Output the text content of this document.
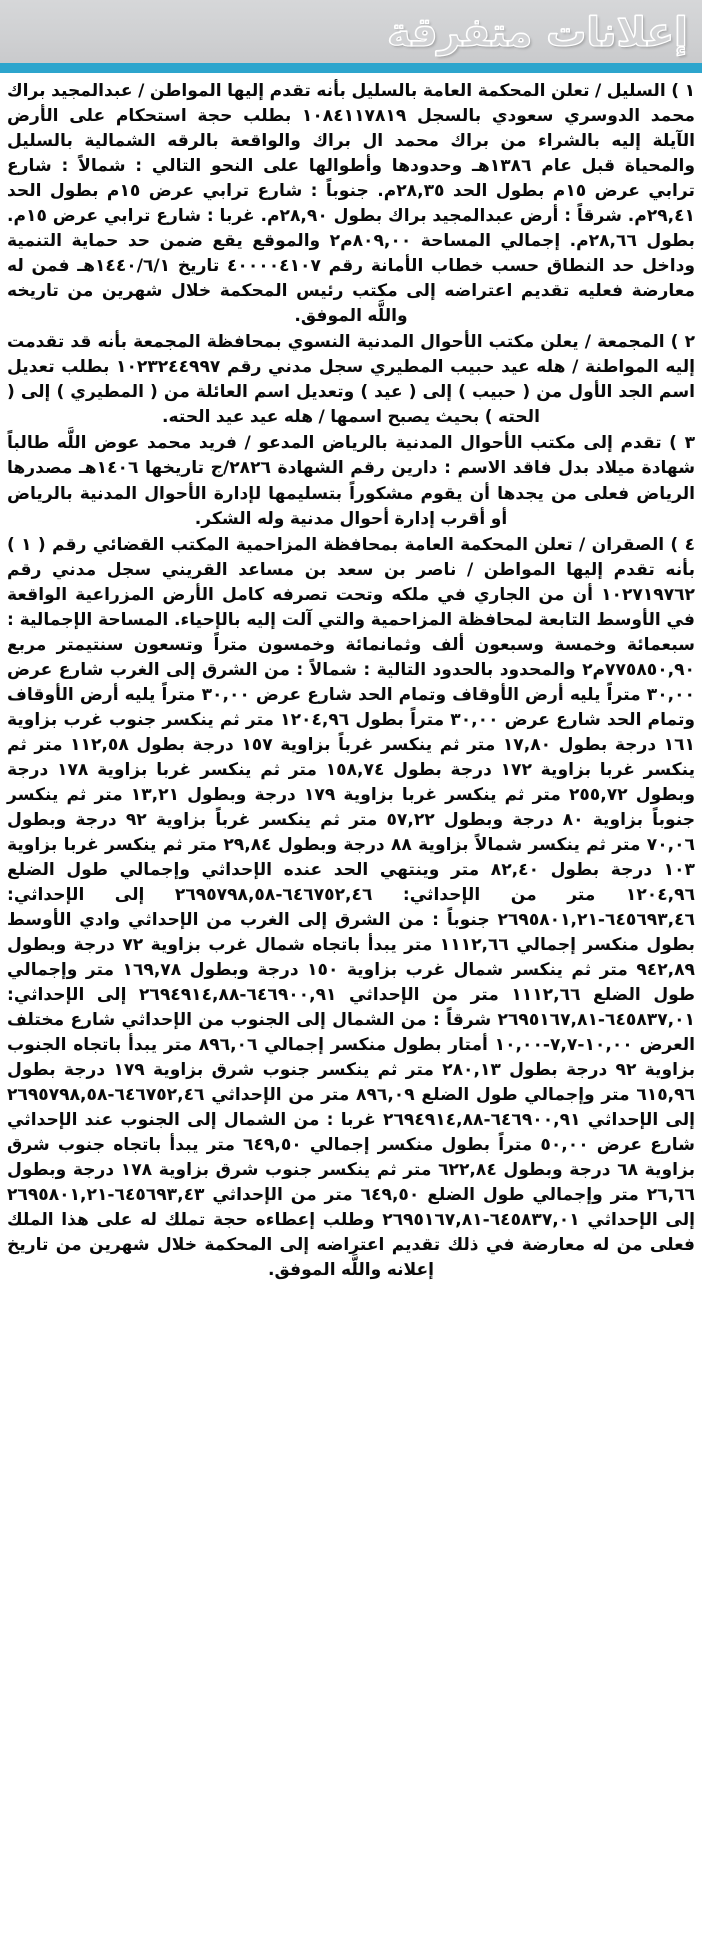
إعلانات متفرقة

١ ) السليل / تعلن المحكمة العامة بالسليل بأنه تقدم إليها المواطن / عبدالمجيد براك محمد الدوسري سعودي بالسجل ١٠٨٤١١٧٨١٩ بطلب حجة استحكام على الأرض الآيلة إليه بالشراء من براك محمد ال براك والواقعة بالرقه الشمالية بالسليل والمحياة قبل عام ١٣٨٦هـ وحدودها وأطوالها على النحو التالي : شمالاً : شارع ترابي عرض ١٥م بطول الحد ٢٨,٣٥م. جنوباً : شارع ترابي عرض ١٥م بطول الحد ٢٩,٤١م. شرقاً : أرض عبدالمجيد براك بطول ٢٨,٩٠م. غربا : شارع ترابي عرض ١٥م. بطول ٢٨,٦٦م. إجمالي المساحة ٨٠٩,٠٠م٢ والموقع يقع ضمن حد حماية التنمية وداخل حد النطاق حسب خطاب الأمانة رقم ٤٠٠٠٠٤١٠٧ تاريخ ١٤٤٠/٦/١هـ فمن له معارضة فعليه تقديم اعتراضه إلى مكتب رئيس المحكمة خلال شهرين من تاريخه واللَّه الموفق.

٢ ) المجمعة / يعلن مكتب الأحوال المدنية النسوي بمحافظة المجمعة بأنه قد تقدمت إليه المواطنة / هله عيد حبيب المطيري سجل مدني رقم ١٠٢٣٢٤٤٩٩٧ بطلب تعديل اسم الجد الأول من ( حبيب ) إلى ( عيد ) وتعديل اسم العائلة من ( المطيري ) إلى ( الحته ) بحيث يصبح اسمها / هله عيد عيد الحته.

٣ ) تقدم إلى مكتب الأحوال المدنية بالرياض المدعو / فريد محمد عوض اللَّه طالباً شهادة ميلاد بدل فاقد الاسم : دارين رقم الشهادة ٢٨٢٦/ج تاريخها ١٤٠٦هـ مصدرها الرياض فعلى من يجدها أن يقوم مشكوراً بتسليمها لإدارة الأحوال المدنية بالرياض أو أقرب إدارة أحوال مدنية وله الشكر.

٤ ) الصقران / تعلن المحكمة العامة بمحافظة المزاحمية المكتب القضائي رقم ( ١ ) بأنه تقدم إليها المواطن / ناصر بن سعد بن مساعد القريني سجل مدني رقم ١٠٢٧١٩٧٦٢ أن من الجاري في ملكه وتحت تصرفه كامل الأرض المزراعية الواقعة في الأوسط التابعة لمحافظة المزاحمية والتي آلت إليه بالإحياء. المساحة الإجمالية : سبعمائة وخمسة وسبعون ألف وثمانمائة وخمسون متراً وتسعون سنتيمتر مربع ٧٧٥٨٥٠,٩٠م٢ والمحدود بالحدود التالية : شمالاً : من الشرق إلى الغرب شارع عرض ٣٠,٠٠ متراً يليه أرض الأوقاف وتمام الحد شارع عرض ٣٠,٠٠ متراً يليه أرض الأوقاف وتمام الحد شارع عرض ٣٠,٠٠ متراً بطول ١٢٠٤,٩٦ متر ثم ينكسر جنوب غرب بزاوية ١٦١ درجة بطول ١٧,٨٠ متر ثم ينكسر غرباً بزاوية ١٥٧ درجة بطول ١١٢,٥٨ متر ثم ينكسر غربا بزاوية ١٧٢ درجة بطول ١٥٨,٧٤ متر ثم ينكسر غربا بزاوية ١٧٨ درجة وبطول ٢٥٥,٧٢ متر ثم ينكسر غربا بزاوية ١٧٩ درجة وبطول ١٣,٢١ متر ثم ينكسر جنوباً بزاوية ٨٠ درجة وبطول ٥٧,٢٢ متر ثم ينكسر غرباً بزاوية ٩٢ درجة وبطول ٧٠,٠٦ متر ثم ينكسر شمالاً بزاوية ٨٨ درجة وبطول ٢٩,٨٤ متر ثم ينكسر غربا بزاوية ١٠٣ درجة بطول ٨٢,٤٠ متر وينتهي الحد عنده الإحداثي وإجمالي طول الضلع ١٢٠٤,٩٦ متر من الإحداثي: ٦٤٦٧٥٢,٤٦-٢٦٩٥٧٩٨,٥٨ إلى الإحداثي: ٦٤٥٦٩٣,٤٦-٢٦٩٥٨٠١,٢١ جنوباً : من الشرق إلى الغرب من الإحداثي وادي الأوسط بطول منكسر إجمالي ١١١٢,٦٦ متر يبدأ باتجاه شمال غرب بزاوية ٧٢ درجة وبطول ٩٤٢,٨٩ متر ثم ينكسر شمال غرب بزاوية ١٥٠ درجة وبطول ١٦٩,٧٨ متر وإجمالي طول الضلع ١١١٢,٦٦ متر من الإحداثي ٦٤٦٩٠٠,٩١-٢٦٩٤٩١٤,٨٨ إلى الإحداثي: ٦٤٥٨٣٧,٠١-٢٦٩٥١٦٧,٨١ شرقاً : من الشمال إلى الجنوب من الإحداثي شارع مختلف العرض ١٠,٠٠-٧,٧-١٠,٠٠ أمتار بطول منكسر إجمالي ٨٩٦,٠٦ متر يبدأ باتجاه الجنوب بزاوية ٩٢ درجة بطول ٢٨٠,١٣ متر ثم ينكسر جنوب شرق بزاوية ١٧٩ درجة بطول ٦١٥,٩٦ متر وإجمالي طول الضلع ٨٩٦,٠٩ متر من الإحداثي ٦٤٦٧٥٢,٤٦-٢٦٩٥٧٩٨,٥٨ إلى الإحداثي ٦٤٦٩٠٠,٩١-٢٦٩٤٩١٤,٨٨ غربا : من الشمال إلى الجنوب عند الإحداثي شارع عرض ٥٠,٠٠ متراً بطول منكسر إجمالي ٦٤٩,٥٠ متر يبدأ باتجاه جنوب شرق بزاوية ٦٨ درجة وبطول ٦٢٢,٨٤ متر ثم ينكسر جنوب شرق بزاوية ١٧٨ درجة وبطول ٢٦,٦٦ متر وإجمالي طول الضلع ٦٤٩,٥٠ متر من الإحداثي ٦٤٥٦٩٣,٤٣-٢٦٩٥٨٠١,٢١ إلى الإحداثي ٦٤٥٨٣٧,٠١-٢٦٩٥١٦٧,٨١ وطلب إعطاءه حجة تملك له على هذا الملك فعلى من له معارضة في ذلك تقديم اعتراضه إلى المحكمة خلال شهرين من تاريخ إعلانه واللَّه الموفق.
